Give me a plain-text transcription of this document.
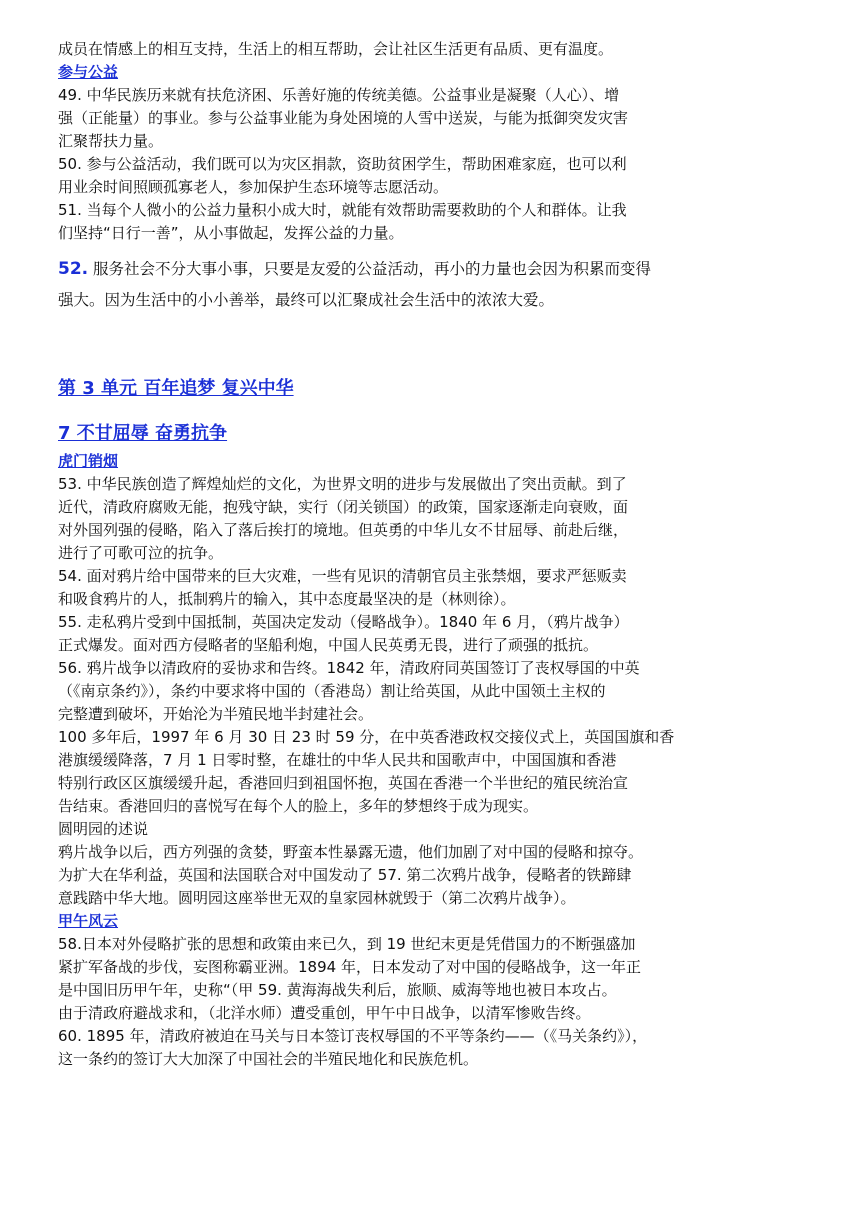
成员在情感上的相互支持，生活上的相互帮助，会让社区生活更有品质、更有温度。
参与公益
49. 中华民族历来就有扶危济困、乐善好施的传统美德。公益事业是凝聚（人心）、增
强（正能量）的事业。参与公益事业能为身处困境的人雪中送炭，与能为抵御突发灾害
汇聚帮扶力量。
50. 参与公益活动，我们既可以为灾区捐款，资助贫困学生，帮助困难家庭，也可以利
用业余时间照顾孤寡老人，参加保护生态环境等志愿活动。
51. 当每个人微小的公益力量积小成大时，就能有效帮助需要救助的个人和群体。让我
们坚持“日行一善”，从小事做起，发挥公益的力量。
52. 服务社会不分大事小事，只要是友爱的公益活动，再小的力量也会因为积累而变得
强大。因为生活中的小小善举，最终可以汇聚成社会生活中的浓浓大爱。
第 3 单元 百年追梦 复兴中华
7 不甘屈辱 奋勇抗争
虎门销烟
53. 中华民族创造了辉煌灿烂的文化，为世界文明的进步与发展做出了突出贡献。到了
近代，清政府腐败无能，抱残守缺，实行（闭关锁国）的政策，国家逐渐走向衰败，面
对外国列强的侵略，陷入了落后挨打的境地。但英勇的中华儿女不甘屈辱、前赴后继，
进行了可歌可泣的抗争。
54. 面对鸦片给中国带来的巨大灾难，一些有见识的清朝官员主张禁烟，要求严惩贩卖
和吸食鸦片的人，抵制鸦片的输入，其中态度最坚决的是（林则徐）。
55. 走私鸦片受到中国抵制，英国决定发动（侵略战争）。1840 年 6 月，（鸦片战争）
正式爆发。面对西方侵略者的坚船利炮，中国人民英勇无畏，进行了顽强的抵抗。
56. 鸦片战争以清政府的妥协求和告终。1842 年，清政府同英国签订了丧权辱国的中英
（《南京条约》），条约中要求将中国的（香港岛）割让给英国，从此中国领土主权的
完整遭到破坏，开始沦为半殖民地半封建社会。
100 多年后，1997 年 6 月 30 日 23 时 59 分，在中英香港政权交接仪式上，英国国旗和香
港旗缓缓降落，7 月 1 日零时整，在雄壮的中华人民共和国歌声中，中国国旗和香港
特别行政区区旗缓缓升起，香港回归到祖国怀抱，英国在香港一个半世纪的殖民统治宣
告结束。香港回归的喜悦写在每个人的脸上，多年的梦想终于成为现实。
圆明园的述说
鸦片战争以后，西方列强的贪婪，野蛮本性暴露无遗，他们加剧了对中国的侵略和掠夺。
为扩大在华利益，英国和法国联合对中国发动了 57. 第二次鸦片战争，侵略者的铁蹄肆
意践踏中华大地。圆明园这座举世无双的皇家园林就毁于（第二次鸦片战争）。
甲午风云
58.日本对外侵略扩张的思想和政策由来已久，到 19 世纪末更是凭借国力的不断强盛加
紧扩军备战的步伐，妄图称霸亚洲。1894 年，日本发动了对中国的侵略战争，这一年正
是中国旧历甲午年，史称“（甲 59. 黄海海战失利后，旅顺、威海等地也被日本攻占。
由于清政府避战求和，（北洋水师）遭受重创，甲午中日战争，以清军惨败告终。
60. 1895 年，清政府被迫在马关与日本签订丧权辱国的不平等条约——（《马关条约》），
这一条约的签订大大加深了中国社会的半殖民地化和民族危机。
